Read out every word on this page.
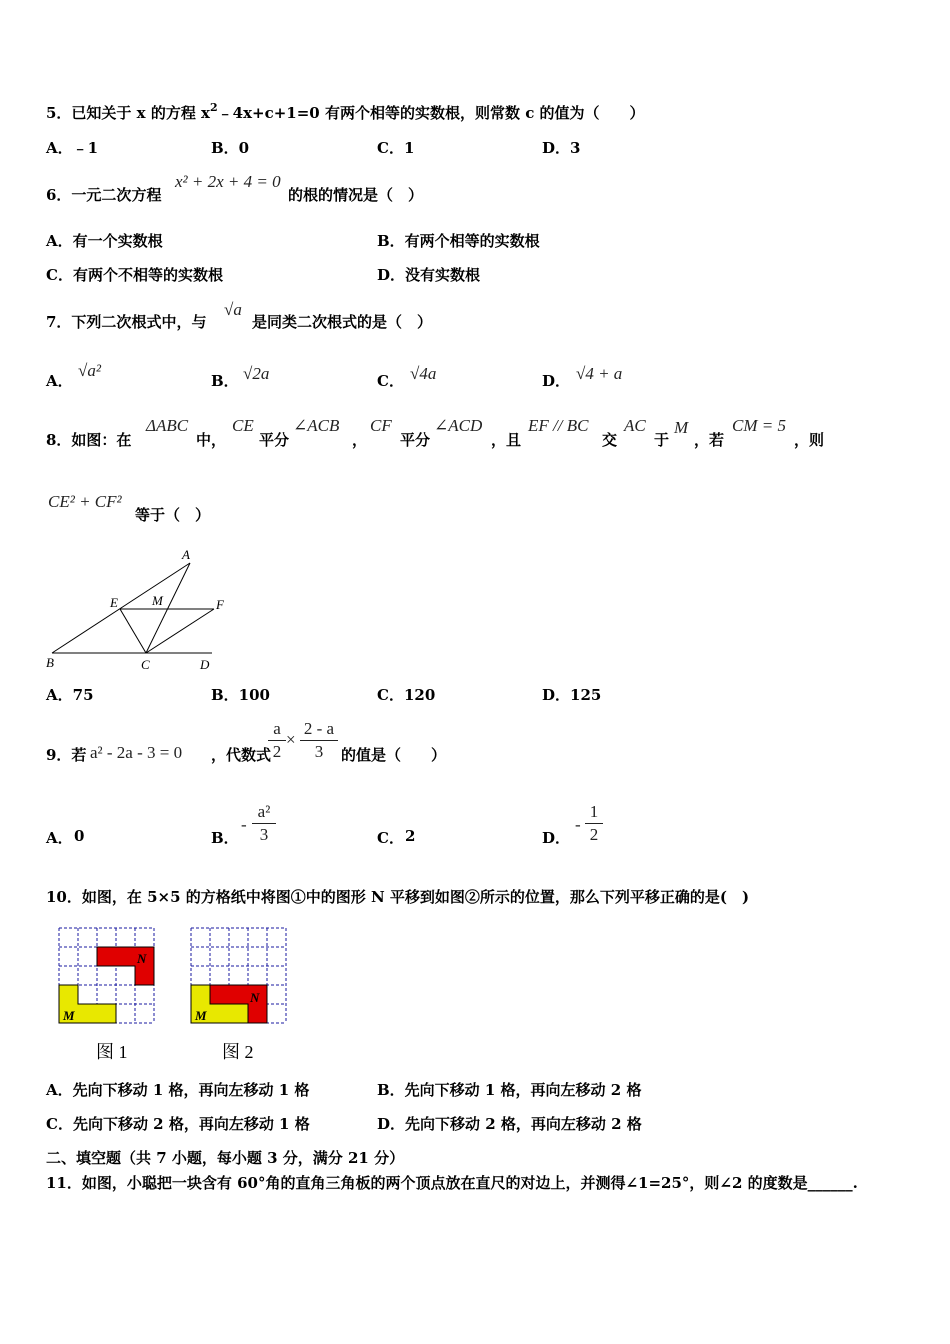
5．已知关于 x 的方程 $x^2﹣4x+c+1=0$ 有两个相等的实数根，则常数 c 的值为（　　）
A．﹣1	B．0	C．1	D．3
6．一元二次方程
x² + 2x + 4 = 0
的根的情况是（　）
A．有一个实数根	B．有两个相等的实数根
C．有两个不相等的实数根	D．没有实数根
7．下列二次根式中，与
√a
是同类二次根式的是（　）
A．
√a²
B． √2a	C． √4a	D． √4 + a
8．如图：在
ΔABC
中，
CE
平分
∠ACB
，
CF
平分
∠ACD
，且
EF // BC
交
AC
于
M
，若
CM = 5
，则
CE² + CF²
等于（　）
A
E	M	F
B	C	D
A．75	B．100	C．120	D．125
9．若 a² - 2a - 3 = 0 ，代数式
a
2
×
2 - a
3	的值是（　　）
A． 0	B．
-
a²
3	C． 2	D．
-
1
2
10．如图，在 5×5 的方格纸中将图①中的图形 N 平移到如图②所示的位置，那么下列平移正确的是(　)
N
M
图 1
N
M
图 2
A．先向下移动 1 格，再向左移动 1 格	B．先向下移动 1 格，再向左移动 2 格
C．先向下移动 2 格，再向左移动 1 格	D．先向下移动 2 格，再向左移动 2 格
二、填空题（共 7 小题，每小题 3 分，满分 21 分）
11．如图，小聪把一块含有 60°角的直角三角板的两个顶点放在直尺的对边上，并测得∠1=25°，则∠2 的度数是______.
